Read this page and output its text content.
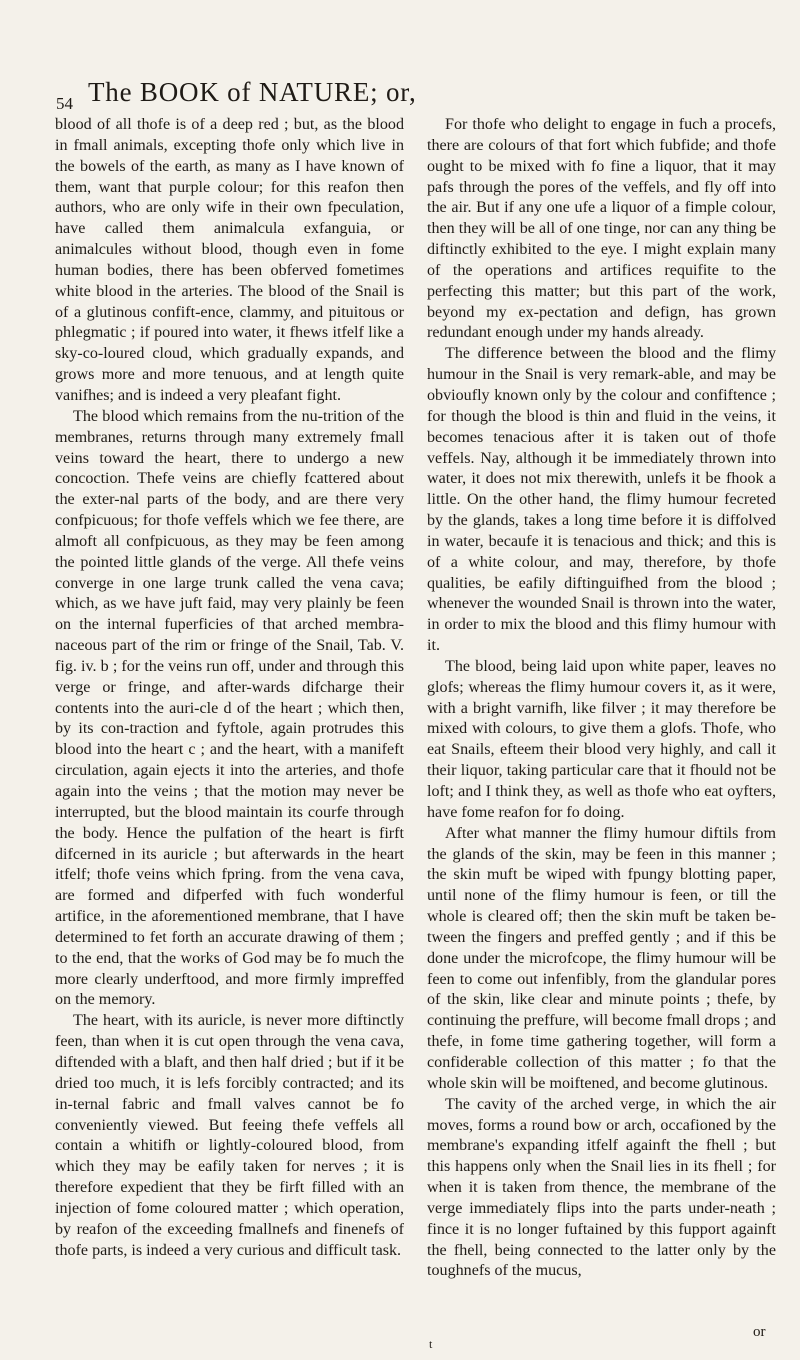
54 The BOOK of NATURE; or,

blood of all thofe is of a deep red ; but, as the blood in fmall animals, excepting thofe only which live in the bowels of the earth, as many as I have known of them, want that purple colour; for this reafon then authors, who are only wife in their own fpeculation, have called them animalcula exfanguia, or animalcules without blood, though even in fome human bodies, there has been obferved fometimes white blood in the arteries. The blood of the Snail is of a glutinous confift-ence, clammy, and pituitous or phlegmatic ; if poured into water, it fhews itfelf like a sky-co-loured cloud, which gradually expands, and grows more and more tenuous, and at length quite vanifhes; and is indeed a very pleafant fight.

The blood which remains from the nu-trition of the membranes, returns through many extremely fmall veins toward the heart, there to undergo a new concoction. Thefe veins are chiefly fcattered about the exter-nal parts of the body, and are there very confpicuous; for thofe veffels which we fee there, are almoft all confpicuous, as they may be feen among the pointed little glands of the verge. All thefe veins converge in one large trunk called the vena cava; which, as we have juft faid, may very plainly be feen on the internal fuperficies of that arched membra-naceous part of the rim or fringe of the Snail, Tab. V. fig. iv. b ; for the veins run off, under and through this verge or fringe, and after-wards difcharge their contents into the auri-cle d of the heart ; which then, by its con-traction and fyftole, again protrudes this blood into the heart c ; and the heart, with a manifeft circulation, again ejects it into the arteries, and thofe again into the veins ; that the motion may never be interrupted, but the blood maintain its courfe through the body. Hence the pulfation of the heart is firft difcerned in its auricle ; but afterwards in the heart itfelf; thofe veins which fpring. from the vena cava, are formed and difperfed with fuch wonderful artifice, in the aforementioned membrane, that I have determined to fet forth an accurate drawing of them ; to the end, that the works of God may be fo much the more clearly underftood, and more firmly impreffed on the memory.

The heart, with its auricle, is never more diftinctly feen, than when it is cut open through the vena cava, diftended with a blaft, and then half dried ; but if it be dried too much, it is lefs forcibly contracted; and its in-ternal fabric and fmall valves cannot be fo conveniently viewed. But feeing thefe veffels all contain a whitifh or lightly-coloured blood, from which they may be eafily taken for nerves ; it is therefore expedient that they be firft filled with an injection of fome coloured matter ; which operation, by reafon of the exceeding fmallnefs and finenefs of thofe parts, is indeed a very curious and difficult task.

For thofe who delight to engage in fuch a procefs, there are colours of that fort which fubfide; and thofe ought to be mixed with fo fine a liquor, that it may pafs through the pores of the veffels, and fly off into the air. But if any one ufe a liquor of a fimple colour, then they will be all of one tinge, nor can any thing be diftinctly exhibited to the eye. I might explain many of the operations and artifices requifite to the perfecting this matter; but this part of the work, beyond my ex-pectation and defign, has grown redundant enough under my hands already.

The difference between the blood and the flimy humour in the Snail is very remark-able, and may be obvioufly known only by the colour and confiftence ; for though the blood is thin and fluid in the veins, it becomes tenacious after it is taken out of thofe veffels. Nay, although it be immediately thrown into water, it does not mix therewith, unlefs it be fhook a little. On the other hand, the flimy humour fecreted by the glands, takes a long time before it is diffolved in water, becaufe it is tenacious and thick; and this is of a white colour, and may, therefore, by thofe qualities, be eafily diftinguifhed from the blood ; whenever the wounded Snail is thrown into the water, in order to mix the blood and this flimy humour with it.

The blood, being laid upon white paper, leaves no glofs; whereas the flimy humour covers it, as it were, with a bright varnifh, like filver ; it may therefore be mixed with colours, to give them a glofs. Thofe, who eat Snails, efteem their blood very highly, and call it their liquor, taking particular care that it fhould not be loft; and I think they, as well as thofe who eat oyfters, have fome reafon for fo doing.

After what manner the flimy humour diftils from the glands of the skin, may be feen in this manner ; the skin muft be wiped with fpungy blotting paper, until none of the flimy humour is feen, or till the whole is cleared off; then the skin muft be taken be-tween the fingers and preffed gently ; and if this be done under the microfcope, the flimy humour will be feen to come out infenfibly, from the glandular pores of the skin, like clear and minute points ; thefe, by continuing the preffure, will become fmall drops ; and thefe, in fome time gathering together, will form a confiderable collection of this matter ; fo that the whole skin will be moiftened, and become glutinous.

The cavity of the arched verge, in which the air moves, forms a round bow or arch, occafioned by the membrane's expanding itfelf againft the fhell ; but this happens only when the Snail lies in its fhell ; for when it is taken from thence, the membrane of the verge immediately flips into the parts under-neath ; fince it is no longer fuftained by this fupport againft the fhell, being connected to the latter only by the toughnefs of the mucus,

or
t
